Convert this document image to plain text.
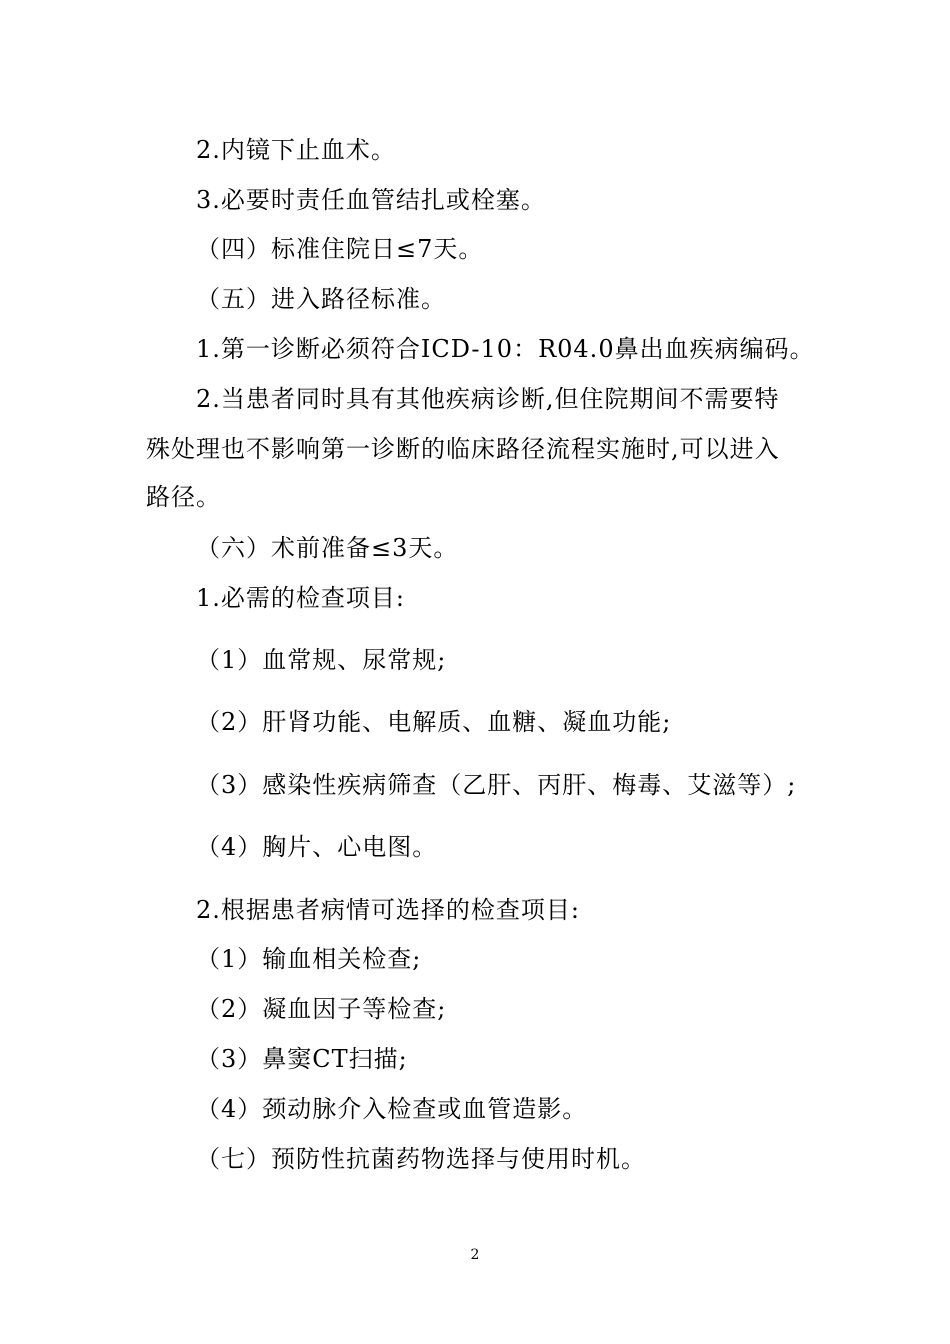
2.内镜下止血术。
3.必要时责任血管结扎或栓塞。
（四）标准住院日≤7天。
（五）进入路径标准。
1.第一诊断必须符合ICD-10：R04.0鼻出血疾病编码。
2.当患者同时具有其他疾病诊断,但住院期间不需要特
殊处理也不影响第一诊断的临床路径流程实施时,可以进入
路径。
（六）术前准备≤3天。
1.必需的检查项目:
（1）血常规、尿常规;
（2）肝肾功能、电解质、血糖、凝血功能;
（3）感染性疾病筛查（乙肝、丙肝、梅毒、艾滋等）;
（4）胸片、心电图。
2.根据患者病情可选择的检查项目:
（1）输血相关检查;
（2）凝血因子等检查;
（3）鼻窦CT扫描;
（4）颈动脉介入检查或血管造影。
（七）预防性抗菌药物选择与使用时机。
2
